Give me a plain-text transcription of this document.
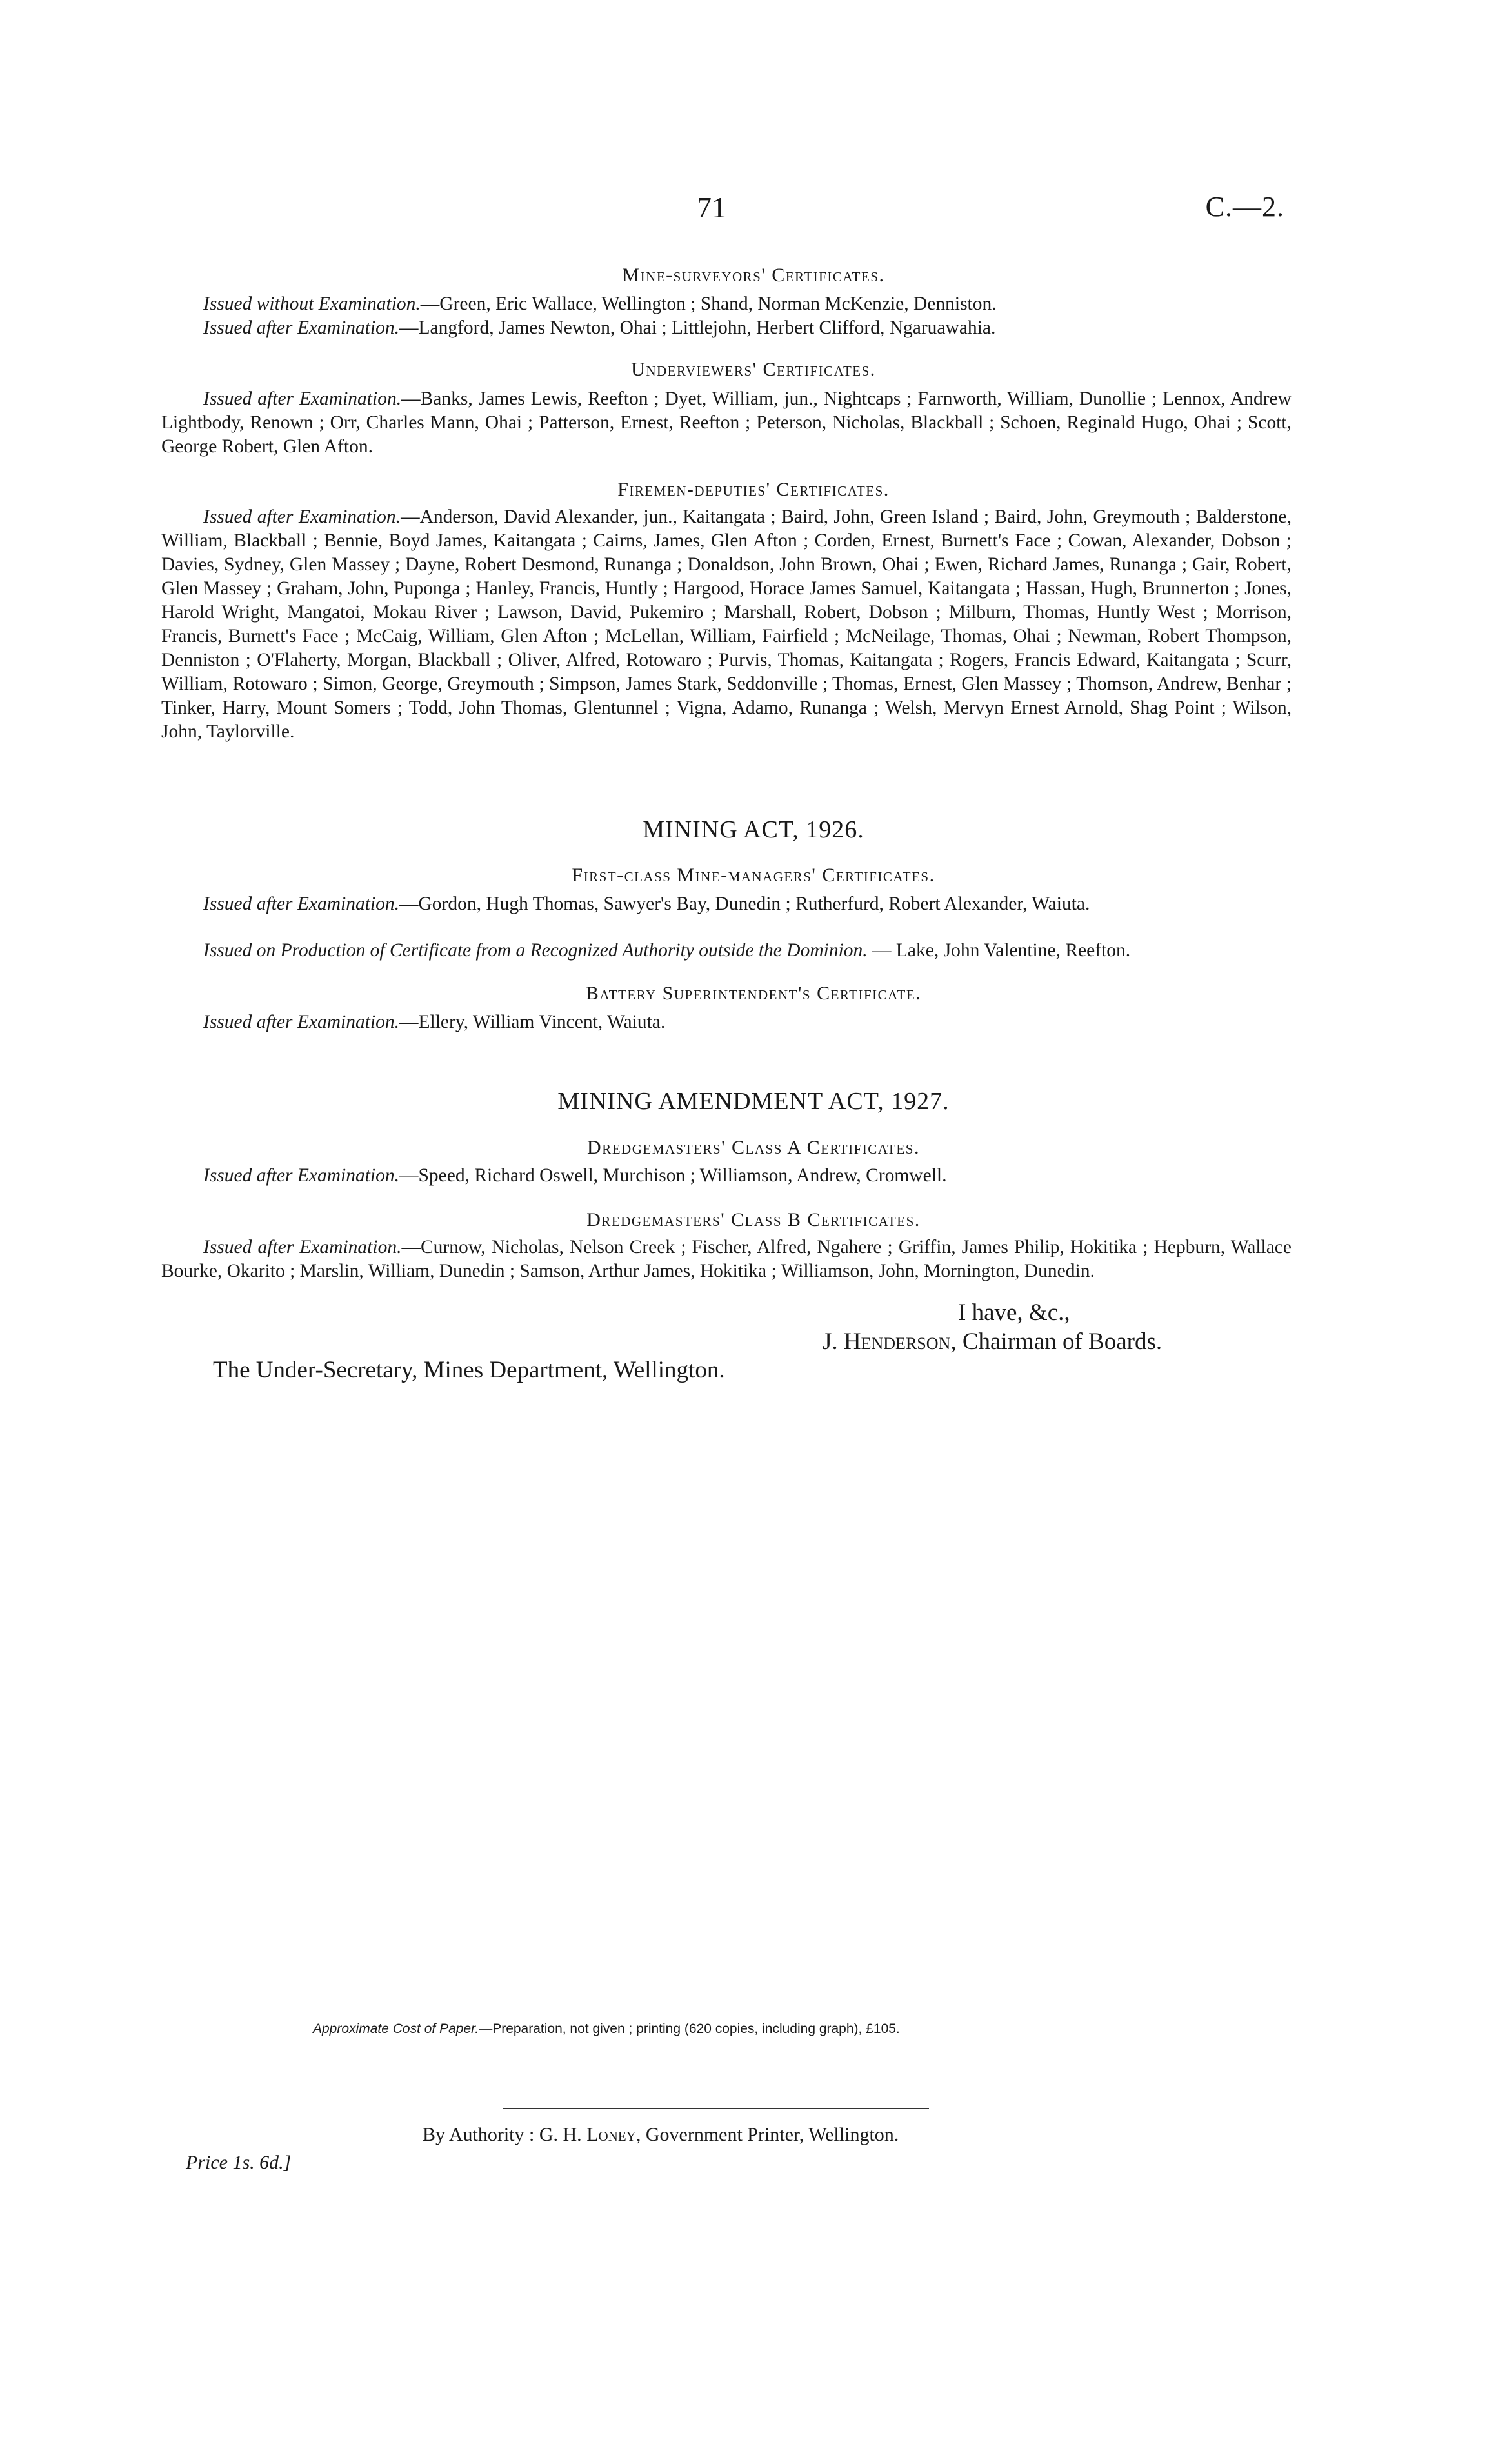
71	C.—2.
Mine-surveyors' Certificates.
Issued without Examination.—Green, Eric Wallace, Wellington ; Shand, Norman McKenzie, Denniston.
Issued after Examination.—Langford, James Newton, Ohai ; Littlejohn, Herbert Clifford, Ngaruawahia.
Underviewers' Certificates.
Issued after Examination.—Banks, James Lewis, Reefton ; Dyet, William, jun., Nightcaps ; Farnworth, William, Dunollie ; Lennox, Andrew Lightbody, Renown ; Orr, Charles Mann, Ohai ; Patterson, Ernest, Reefton ; Peterson, Nicholas, Blackball ; Schoen, Reginald Hugo, Ohai ; Scott, George Robert, Glen Afton.
Firemen-deputies' Certificates.
Issued after Examination.—Anderson, David Alexander, jun., Kaitangata ; Baird, John, Green Island ; Baird, John, Greymouth ; Balderstone, William, Blackball ; Bennie, Boyd James, Kaitangata ; Cairns, James, Glen Afton ; Corden, Ernest, Burnett's Face ; Cowan, Alexander, Dobson ; Davies, Sydney, Glen Massey ; Dayne, Robert Desmond, Runanga ; Donaldson, John Brown, Ohai ; Ewen, Richard James, Runanga ; Gair, Robert, Glen Massey ; Graham, John, Puponga ; Hanley, Francis, Huntly ; Hargood, Horace James Samuel, Kaitangata ; Hassan, Hugh, Brunnerton ; Jones, Harold Wright, Mangatoi, Mokau River ; Lawson, David, Pukemiro ; Marshall, Robert, Dobson ; Milburn, Thomas, Huntly West ; Morrison, Francis, Burnett's Face ; McCaig, William, Glen Afton ; McLellan, William, Fairfield ; McNeilage, Thomas, Ohai ; Newman, Robert Thompson, Denniston ; O'Flaherty, Morgan, Blackball ; Oliver, Alfred, Rotowaro ; Purvis, Thomas, Kaitangata ; Rogers, Francis Edward, Kaitangata ; Scurr, William, Rotowaro ; Simon, George, Greymouth ; Simpson, James Stark, Seddonville ; Thomas, Ernest, Glen Massey ; Thomson, Andrew, Benhar ; Tinker, Harry, Mount Somers ; Todd, John Thomas, Glentunnel ; Vigna, Adamo, Runanga ; Welsh, Mervyn Ernest Arnold, Shag Point ; Wilson, John, Taylorville.
MINING ACT, 1926.
First-class Mine-managers' Certificates.
Issued after Examination.—Gordon, Hugh Thomas, Sawyer's Bay, Dunedin ; Rutherfurd, Robert Alexander, Waiuta.
Issued on Production of Certificate from a Recognized Authority outside the Dominion. — Lake, John Valentine, Reefton.
Battery Superintendent's Certificate.
Issued after Examination.—Ellery, William Vincent, Waiuta.
MINING AMENDMENT ACT, 1927.
Dredgemasters' Class A Certificates.
Issued after Examination.—Speed, Richard Oswell, Murchison ; Williamson, Andrew, Cromwell.
Dredgemasters' Class B Certificates.
Issued after Examination.—Curnow, Nicholas, Nelson Creek ; Fischer, Alfred, Ngahere ; Griffin, James Philip, Hokitika ; Hepburn, Wallace Bourke, Okarito ; Marslin, William, Dunedin ; Samson, Arthur James, Hokitika ; Williamson, John, Mornington, Dunedin.
I have, &c.,
J. Henderson, Chairman of Boards.
The Under-Secretary, Mines Department, Wellington.
Approximate Cost of Paper.—Preparation, not given ; printing (620 copies, including graph), £105.
By Authority : G. H. Loney, Government Printer, Wellington.
Price 1s. 6d.]
